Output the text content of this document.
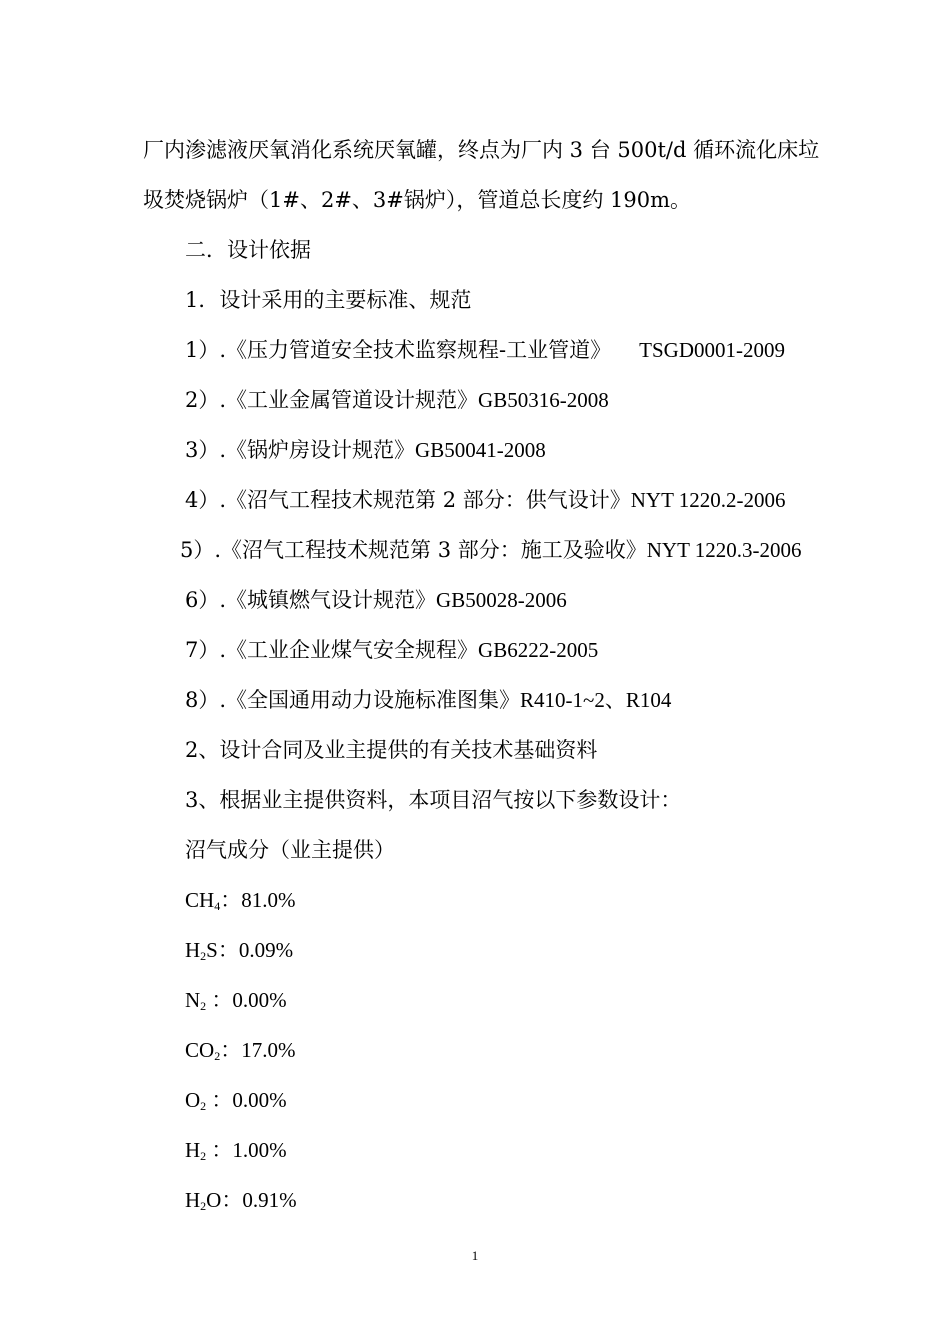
厂内渗滤液厌氧消化系统厌氧罐，终点为厂内 3 台 500t/d 循环流化床垃
圾焚烧锅炉（1#、2#、3#锅炉），管道总长度约 190m。
二．设计依据
1．设计采用的主要标准、规范
1）.《压力管道安全技术监察规程-工业管道》 TSGD0001-2009
2）.《工业金属管道设计规范》GB50316-2008
3）.《锅炉房设计规范》GB50041-2008
4）.《沼气工程技术规范第 2 部分：供气设计》NYT 1220.2-2006
5）.《沼气工程技术规范第 3 部分：施工及验收》NYT 1220.3-2006
6）.《城镇燃气设计规范》GB50028-2006
7）.《工业企业煤气安全规程》GB6222-2005
8）.《全国通用动力设施标准图集》R410-1~2、R104
2、设计合同及业主提供的有关技术基础资料
3、根据业主提供资料，本项目沼气按以下参数设计：
沼气成分（业主提供）
$CH_4$：81.0%
$H_2S$：0.09%
$N_2$ ：0.00%
$CO_2$：17.0%
$O_2$ ：0.00%
$H_2$ ：1.00%
$H_2O$：0.91%
1
